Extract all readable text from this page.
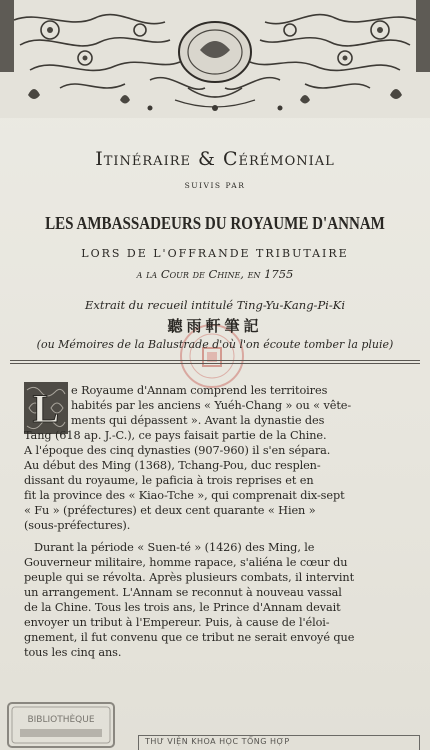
Itinéraire & Cérémonial
SUIVIS PAR
LES AMBASSADEURS DU ROYAUME D'ANNAM
LORS DE L'OFFRANDE TRIBUTAIRE
a la Cour de Chine, en 1755
Extrait du recueil intitulé Ting-Yu-Kang-Pi-Ki
聽雨軒筆記
(ou Mémoires de la Balustrade d'où l'on écoute tomber la pluie)
L e Royaume d'Annam comprend les territoires
habités par les anciens « Yuéh-Chang » ou « vête-
ments qui dépassent ». Avant la dynastie des
Tang (618 ap. J.-C.), ce pays faisait partie de la Chine.
A l'époque des cinq dynasties (907-960) il s'en sépara.
Au début des Ming (1368), Tchang-Pou, duc resplen-
dissant du royaume, le paficia à trois reprises et en
fit la province des « Kiao-Tche », qui comprenait dix-sept
« Fu » (préfectures) et deux cent quarante « Hien »
(sous-préfectures).
Durant la période « Suen-té » (1426) des Ming, le
Gouverneur militaire, homme rapace, s'aliéna le cœur du
peuple qui se révolta. Après plusieurs combats, il intervint
un arrangement. L'Annam se reconnut à nouveau vassal
de la Chine. Tous les trois ans, le Prince d'Annam devait
envoyer un tribut à l'Empereur. Puis, à cause de l'éloi-
gnement, il fut convenu que ce tribut ne serait envoyé que
tous les cinq ans.
BIBLIOTHÈQUE
THƯ VIỆN KHOA HỌC TỔNG HỢP
